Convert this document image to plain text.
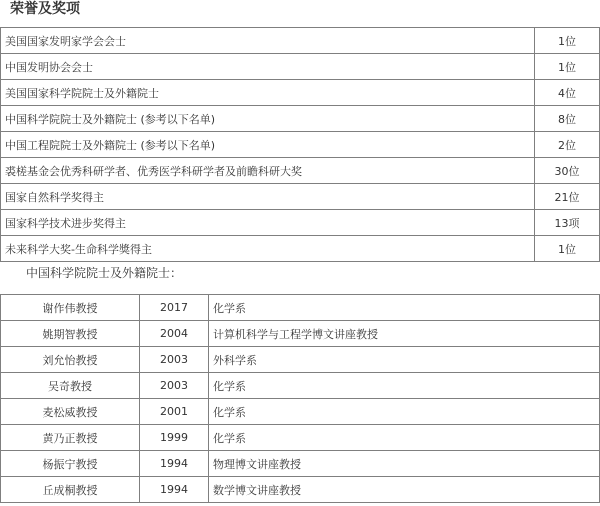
荣誉及奖项
美国国家发明家学会会士	1位
中国发明协会会士	1位
美国国家科学院院士及外籍院士	4位
中国科学院院士及外籍院士 (参考以下名单)	8位
中国工程院院士及外籍院士 (参考以下名单)	2位
裘槎基金会优秀科研学者、优秀医学科研学者及前瞻科研大奖	30位
国家自然科学奖得主	21位
国家科学技术进步奖得主	13项
未来科学大奖-生命科学獎得主	1位
中国科学院院士及外籍院士：
谢作伟教授	2017	化学系
姚期智教授	2004	计算机科学与工程学博文讲座教授
刘允怡教授	2003	外科学系
吴奇教授	2003	化学系
麦松威教授	2001	化学系
黄乃正教授	1999	化学系
杨振宁教授	1994	物理博文讲座教授
丘成桐教授	1994	数学博文讲座教授
